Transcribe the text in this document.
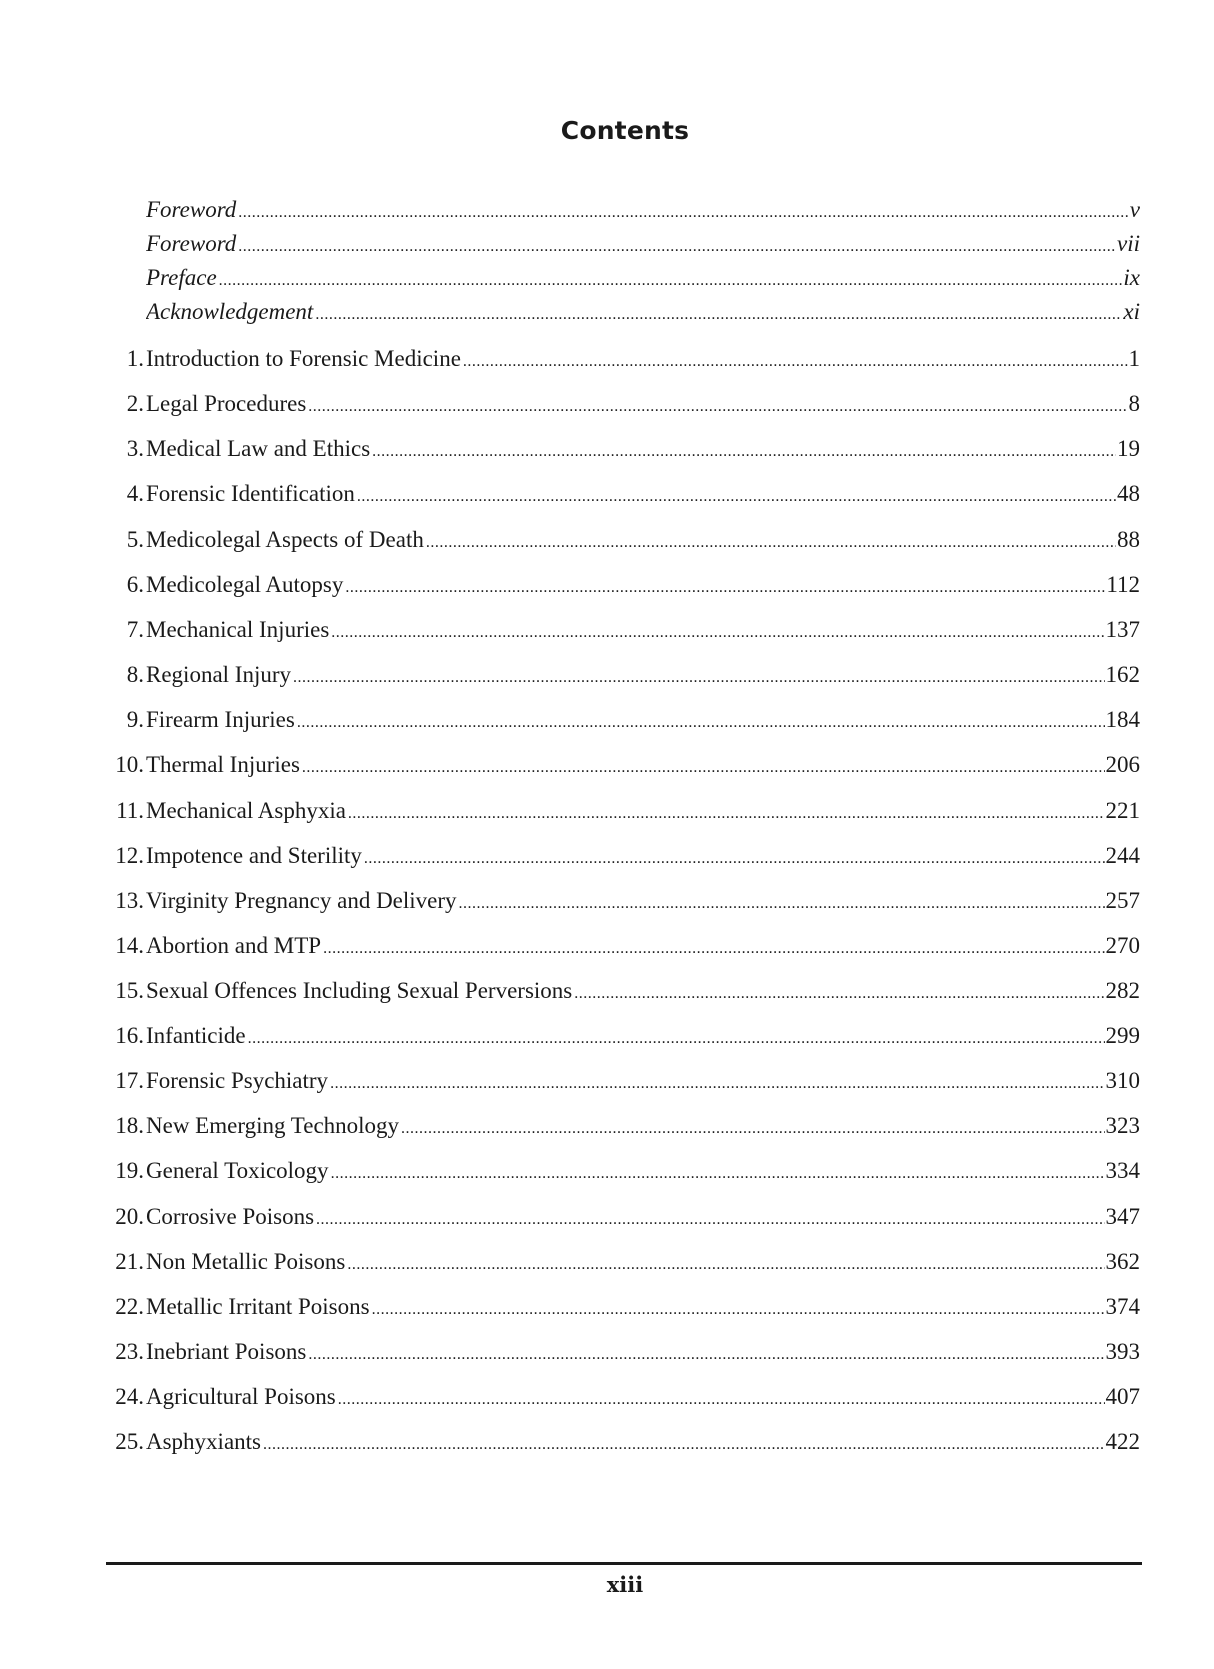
Contents
Foreword .....	v
Foreword .....	vii
Preface .....	ix
Acknowledgement .....	xi
1. Introduction to Forensic Medicine .....	1
2. Legal Procedures .....	8
3. Medical Law and Ethics .....	19
4. Forensic Identification .....	48
5. Medicolegal Aspects of Death .....	88
6. Medicolegal Autopsy .....	112
7. Mechanical Injuries .....	137
8. Regional Injury .....	162
9. Firearm Injuries .....	184
10. Thermal Injuries .....	206
11. Mechanical Asphyxia .....	221
12. Impotence and Sterility .....	244
13. Virginity Pregnancy and Delivery .....	257
14. Abortion and MTP .....	270
15. Sexual Offences Including Sexual Perversions .....	282
16. Infanticide .....	299
17. Forensic Psychiatry .....	310
18. New Emerging Technology .....	323
19. General Toxicology .....	334
20. Corrosive Poisons .....	347
21. Non Metallic Poisons .....	362
22. Metallic Irritant Poisons .....	374
23. Inebriant Poisons .....	393
24. Agricultural Poisons .....	407
25. Asphyxiants .....	422
xiii
